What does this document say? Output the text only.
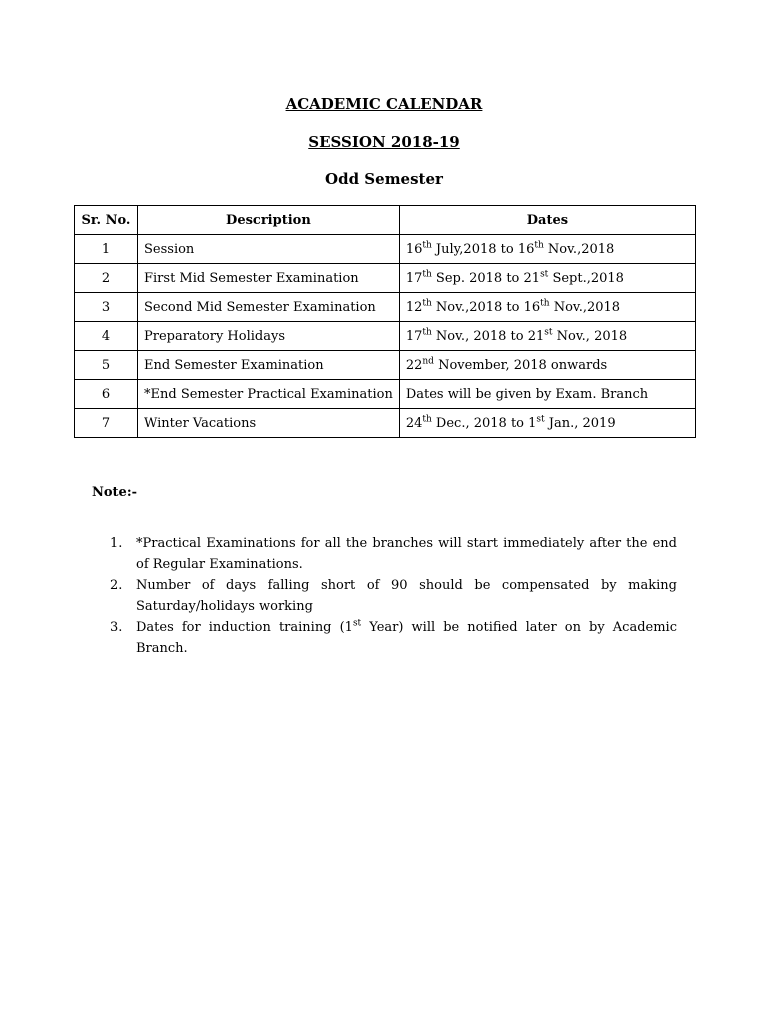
ACADEMIC CALENDAR
SESSION 2018-19
Odd Semester
Sr. No.	Description	Dates
1	Session	16th July,2018 to 16th Nov.,2018
2	First Mid Semester Examination	17th Sep. 2018 to 21st Sept.,2018
3	Second Mid Semester Examination	12th Nov.,2018 to 16th Nov.,2018
4	Preparatory Holidays	17th Nov., 2018 to 21st Nov., 2018
5	End Semester Examination	22nd November, 2018 onwards
6	*End Semester Practical Examination	Dates will be given by Exam. Branch
7	Winter Vacations	24th Dec., 2018 to 1st Jan., 2019

Note:-

1. *Practical Examinations for all the branches will start immediately after the end of Regular Examinations.
2. Number of days falling short of 90 should be compensated by making Saturday/holidays working
3. Dates for induction training (1st Year) will be notified later on by Academic Branch.
